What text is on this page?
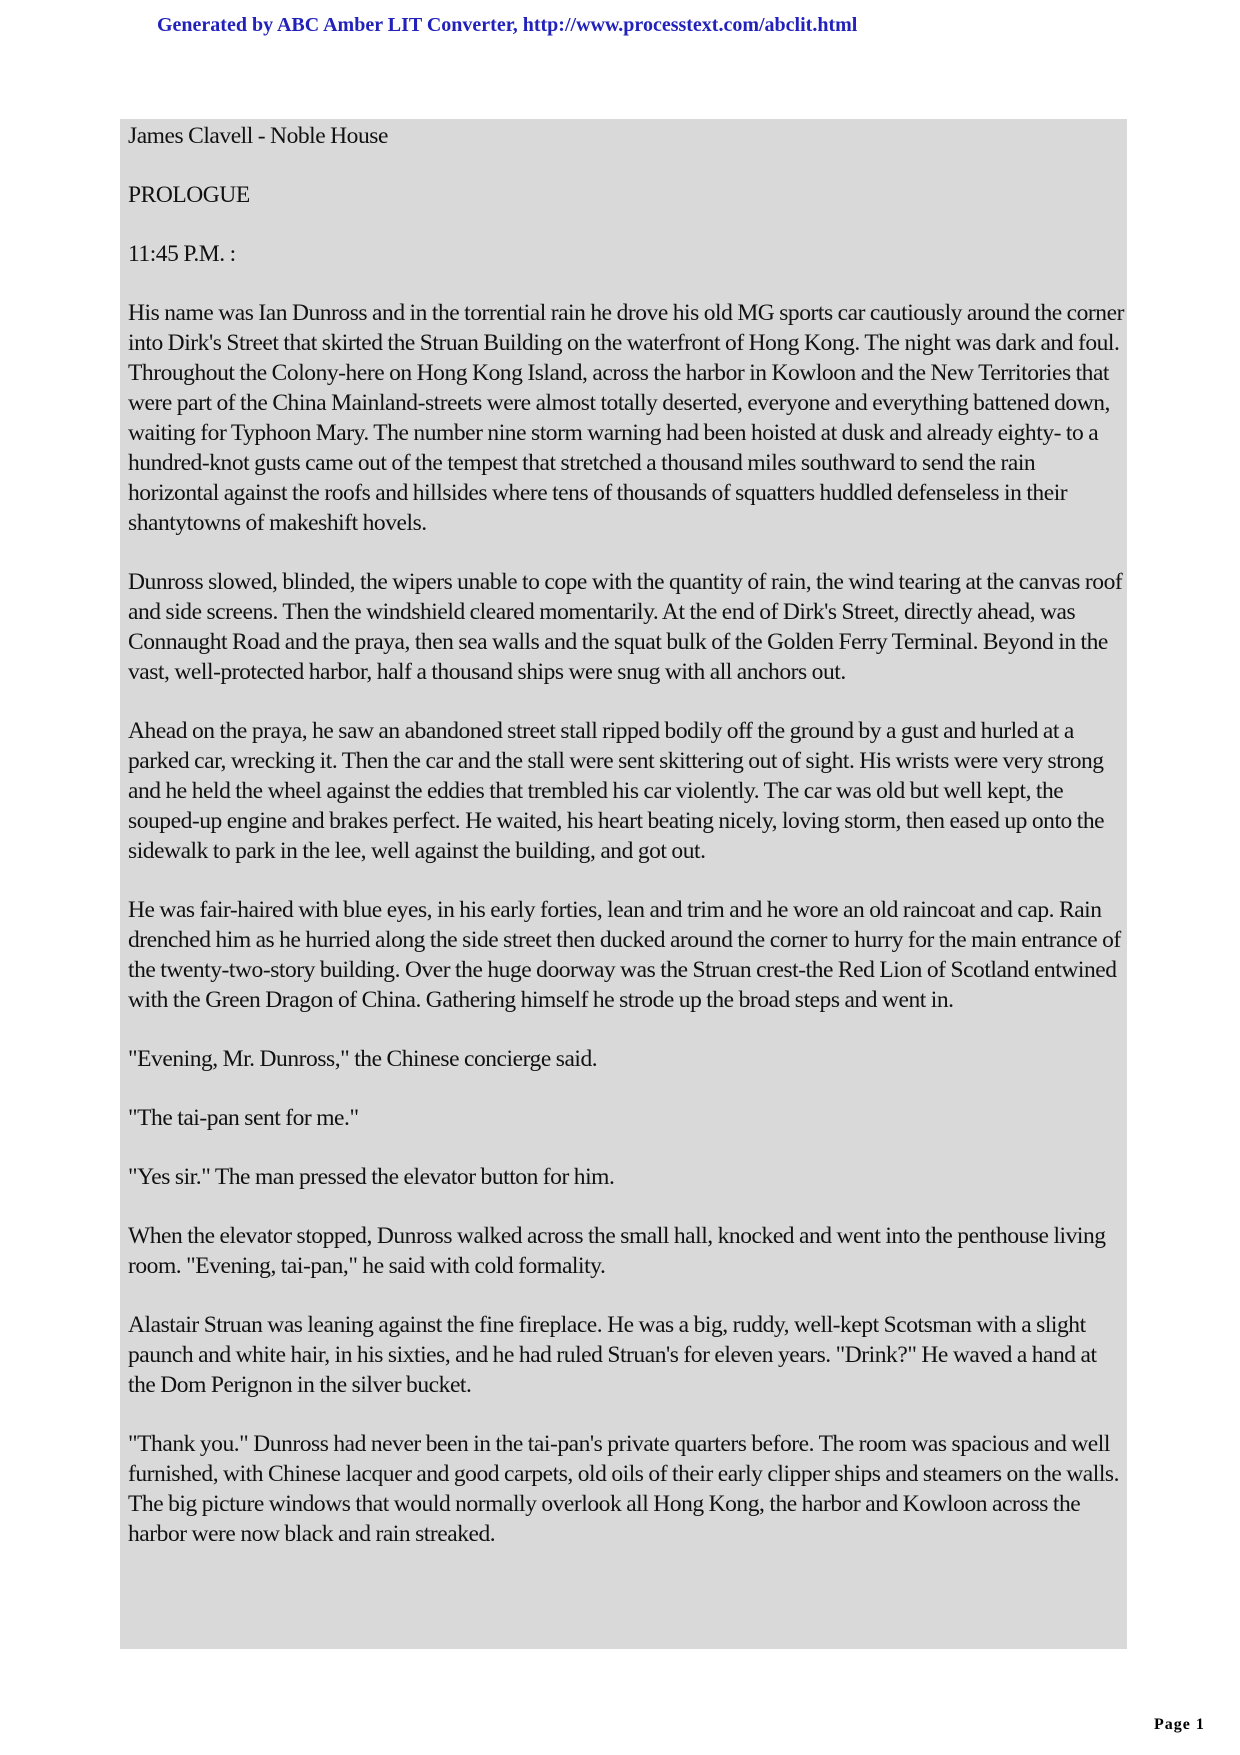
Generated by ABC Amber LIT Converter, http://www.processtext.com/abclit.html

James Clavell - Noble House

PROLOGUE

11:45 P.M. :

His name was Ian Dunross and in the torrential rain he drove his old MG sports car cautiously around the corner into Dirk's Street that skirted the Struan Building on the waterfront of Hong Kong. The night was dark and foul. Throughout the Colony-here on Hong Kong Island, across the harbor in Kowloon and the New Territories that were part of the China Mainland-streets were almost totally deserted, everyone and everything battened down, waiting for Typhoon Mary. The number nine storm warning had been hoisted at dusk and already eighty- to a hundred-knot gusts came out of the tempest that stretched a thousand miles southward to send the rain horizontal against the roofs and hillsides where tens of thousands of squatters huddled defenseless in their shantytowns of makeshift hovels.

Dunross slowed, blinded, the wipers unable to cope with the quantity of rain, the wind tearing at the canvas roof and side screens. Then the windshield cleared momentarily. At the end of Dirk's Street, directly ahead, was Connaught Road and the praya, then sea walls and the squat bulk of the Golden Ferry Terminal. Beyond in the vast, well-protected harbor, half a thousand ships were snug with all anchors out.

Ahead on the praya, he saw an abandoned street stall ripped bodily off the ground by a gust and hurled at a parked car, wrecking it. Then the car and the stall were sent skittering out of sight. His wrists were very strong and he held the wheel against the eddies that trembled his car violently. The car was old but well kept, the souped-up engine and brakes perfect. He waited, his heart beating nicely, loving storm, then eased up onto the sidewalk to park in the lee, well against the building, and got out.

He was fair-haired with blue eyes, in his early forties, lean and trim and he wore an old raincoat and cap. Rain drenched him as he hurried along the side street then ducked around the corner to hurry for the main entrance of the twenty-two-story building. Over the huge doorway was the Struan crest-the Red Lion of Scotland entwined with the Green Dragon of China. Gathering himself he strode up the broad steps and went in.

"Evening, Mr. Dunross," the Chinese concierge said.

"The tai-pan sent for me."

"Yes sir." The man pressed the elevator button for him.

When the elevator stopped, Dunross walked across the small hall, knocked and went into the penthouse living room. "Evening, tai-pan," he said with cold formality.

Alastair Struan was leaning against the fine fireplace. He was a big, ruddy, well-kept Scotsman with a slight paunch and white hair, in his sixties, and he had ruled Struan's for eleven years. "Drink?" He waved a hand at the Dom Perignon in the silver bucket.

"Thank you." Dunross had never been in the tai-pan's private quarters before. The room was spacious and well furnished, with Chinese lacquer and good carpets, old oils of their early clipper ships and steamers on the walls. The big picture windows that would normally overlook all Hong Kong, the harbor and Kowloon across the harbor were now black and rain streaked.

Page 1
